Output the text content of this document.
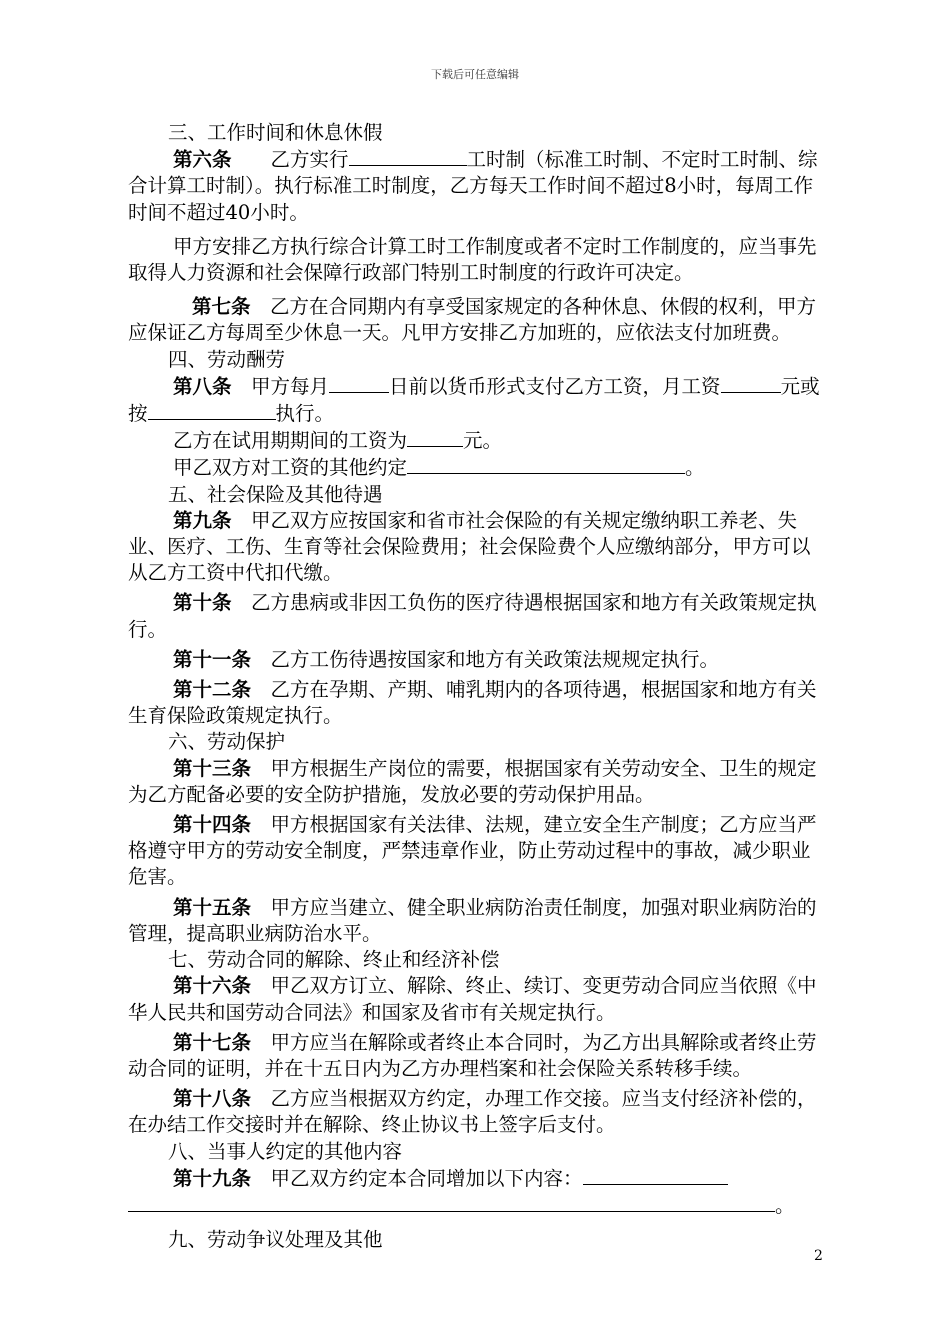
下载后可任意编辑

三、工作时间和休息休假

第六条　　 乙方实行	工时制（标准工时制、不定时工时制、综合计算工时制）。执行标准工时制度，乙方每天工作时间不超过8小时，每周工作时间不超过40小时。

甲方安排乙方执行综合计算工时工作制度或者不定时工作制度的，应当事先取得人力资源和社会保障行政部门特别工时制度的行政许可决定。

第七条　 乙方在合同期内有享受国家规定的各种休息、休假的权利，甲方应保证乙方每周至少休息一天。凡甲方安排乙方加班的，应依法支付加班费。

四、劳动酬劳

第八条　 甲方每月	日前以货币形式支付乙方工资，月工资	元或按	执行。

乙方在试用期期间的工资为	元。

甲乙双方对工资的其他约定	。

五、社会保险及其他待遇

第九条　 甲乙双方应按国家和省市社会保险的有关规定缴纳职工养老、失业、医疗、工伤、生育等社会保险费用；社会保险费个人应缴纳部分，甲方可以从乙方工资中代扣代缴。

第十条　 乙方患病或非因工负伤的医疗待遇根据国家和地方有关政策规定执行。

第十一条　 乙方工伤待遇按国家和地方有关政策法规规定执行。

第十二条　 乙方在孕期、产期、哺乳期内的各项待遇，根据国家和地方有关生育保险政策规定执行。

六、劳动保护

第十三条　 甲方根据生产岗位的需要，根据国家有关劳动安全、卫生的规定为乙方配备必要的安全防护措施，发放必要的劳动保护用品。

第十四条　 甲方根据国家有关法律、法规，建立安全生产制度；乙方应当严格遵守甲方的劳动安全制度，严禁违章作业，防止劳动过程中的事故，减少职业危害。

第十五条　 甲方应当建立、健全职业病防治责任制度，加强对职业病防治的管理，提高职业病防治水平。

七、劳动合同的解除、终止和经济补偿

第十六条　 甲乙双方订立、解除、终止、续订、变更劳动合同应当依照《中华人民共和国劳动合同法》和国家及省市有关规定执行。

第十七条　 甲方应当在解除或者终止本合同时，为乙方出具解除或者终止劳动合同的证明，并在十五日内为乙方办理档案和社会保险关系转移手续。

第十八条　 乙方应当根据双方约定，办理工作交接。应当支付经济补偿的，在办结工作交接时并在解除、终止协议书上签字后支付。

八、当事人约定的其他内容

第十九条　 甲乙双方约定本合同增加以下内容：

。

九、劳动争议处理及其他

2
